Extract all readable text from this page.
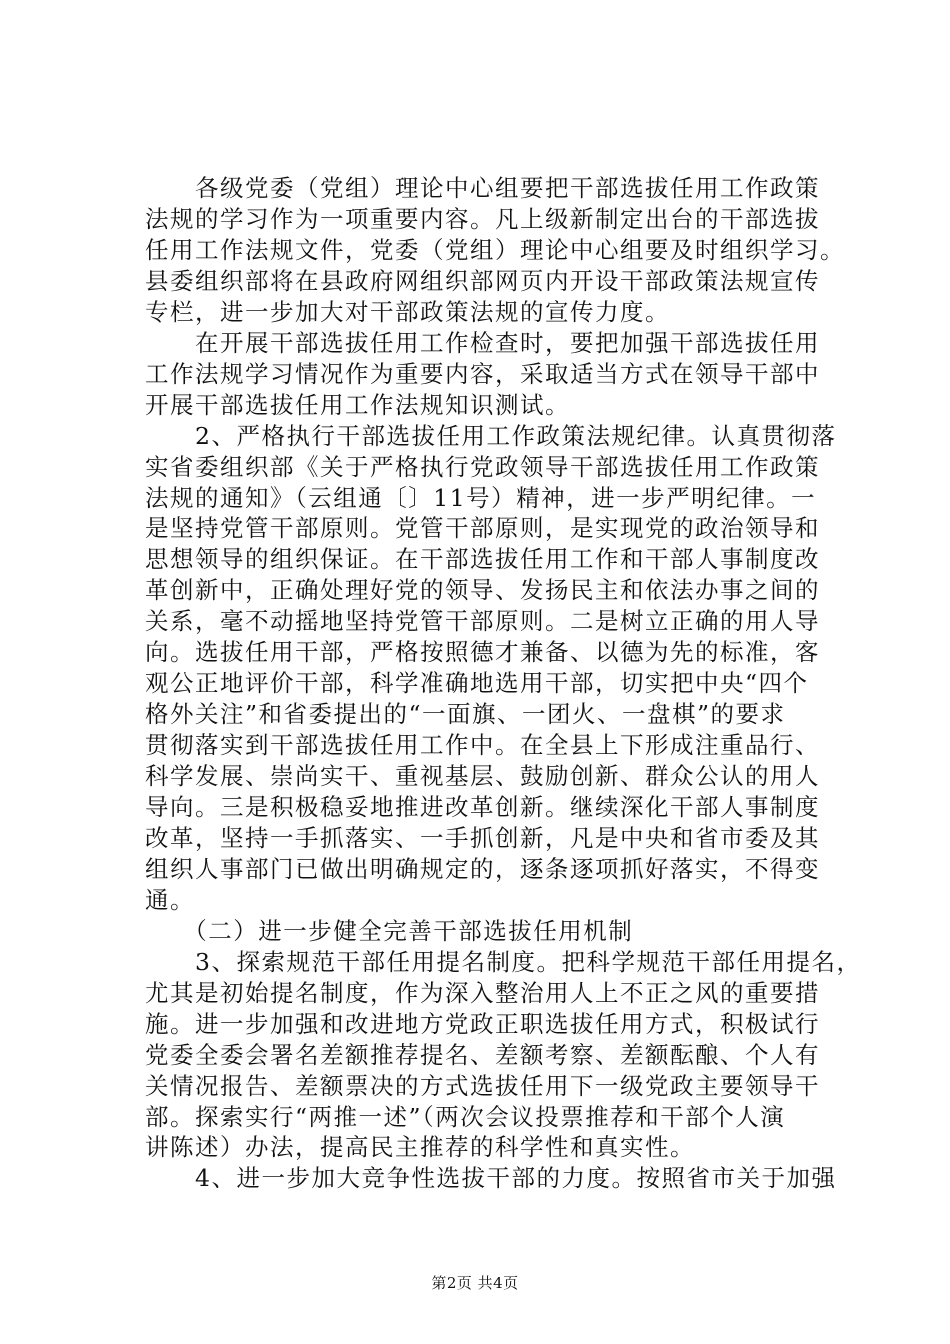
　　各级党委（党组）理论中心组要把干部选拔任用工作政策
法规的学习作为一项重要内容。凡上级新制定出台的干部选拔
任用工作法规文件，党委（党组）理论中心组要及时组织学习。
县委组织部将在县政府网组织部网页内开设干部政策法规宣传
专栏，进一步加大对干部政策法规的宣传力度。
　　在开展干部选拔任用工作检查时，要把加强干部选拔任用
工作法规学习情况作为重要内容，采取适当方式在领导干部中
开展干部选拔任用工作法规知识测试。
　　2、严格执行干部选拔任用工作政策法规纪律。认真贯彻落
实省委组织部《关于严格执行党政领导干部选拔任用工作政策
法规的通知》（云组通〔〕11号）精神，进一步严明纪律。一
是坚持党管干部原则。党管干部原则，是实现党的政治领导和
思想领导的组织保证。在干部选拔任用工作和干部人事制度改
革创新中，正确处理好党的领导、发扬民主和依法办事之间的
关系，毫不动摇地坚持党管干部原则。二是树立正确的用人导
向。选拔任用干部，严格按照德才兼备、以德为先的标准，客
观公正地评价干部，科学准确地选用干部，切实把中央“四个
格外关注”和省委提出的“一面旗、一团火、一盘棋”的要求
贯彻落实到干部选拔任用工作中。在全县上下形成注重品行、
科学发展、崇尚实干、重视基层、鼓励创新、群众公认的用人
导向。三是积极稳妥地推进改革创新。继续深化干部人事制度
改革，坚持一手抓落实、一手抓创新，凡是中央和省市委及其
组织人事部门已做出明确规定的，逐条逐项抓好落实，不得变
通。
　　（二）进一步健全完善干部选拔任用机制
　　3、探索规范干部任用提名制度。把科学规范干部任用提名，
尤其是初始提名制度，作为深入整治用人上不正之风的重要措
施。进一步加强和改进地方党政正职选拔任用方式，积极试行
党委全委会署名差额推荐提名、差额考察、差额酝酿、个人有
关情况报告、差额票决的方式选拔任用下一级党政主要领导干
部。探索实行“两推一述”（两次会议投票推荐和干部个人演
讲陈述）办法，提高民主推荐的科学性和真实性。
　　4、进一步加大竞争性选拔干部的力度。按照省市关于加强
第2页 共4页
